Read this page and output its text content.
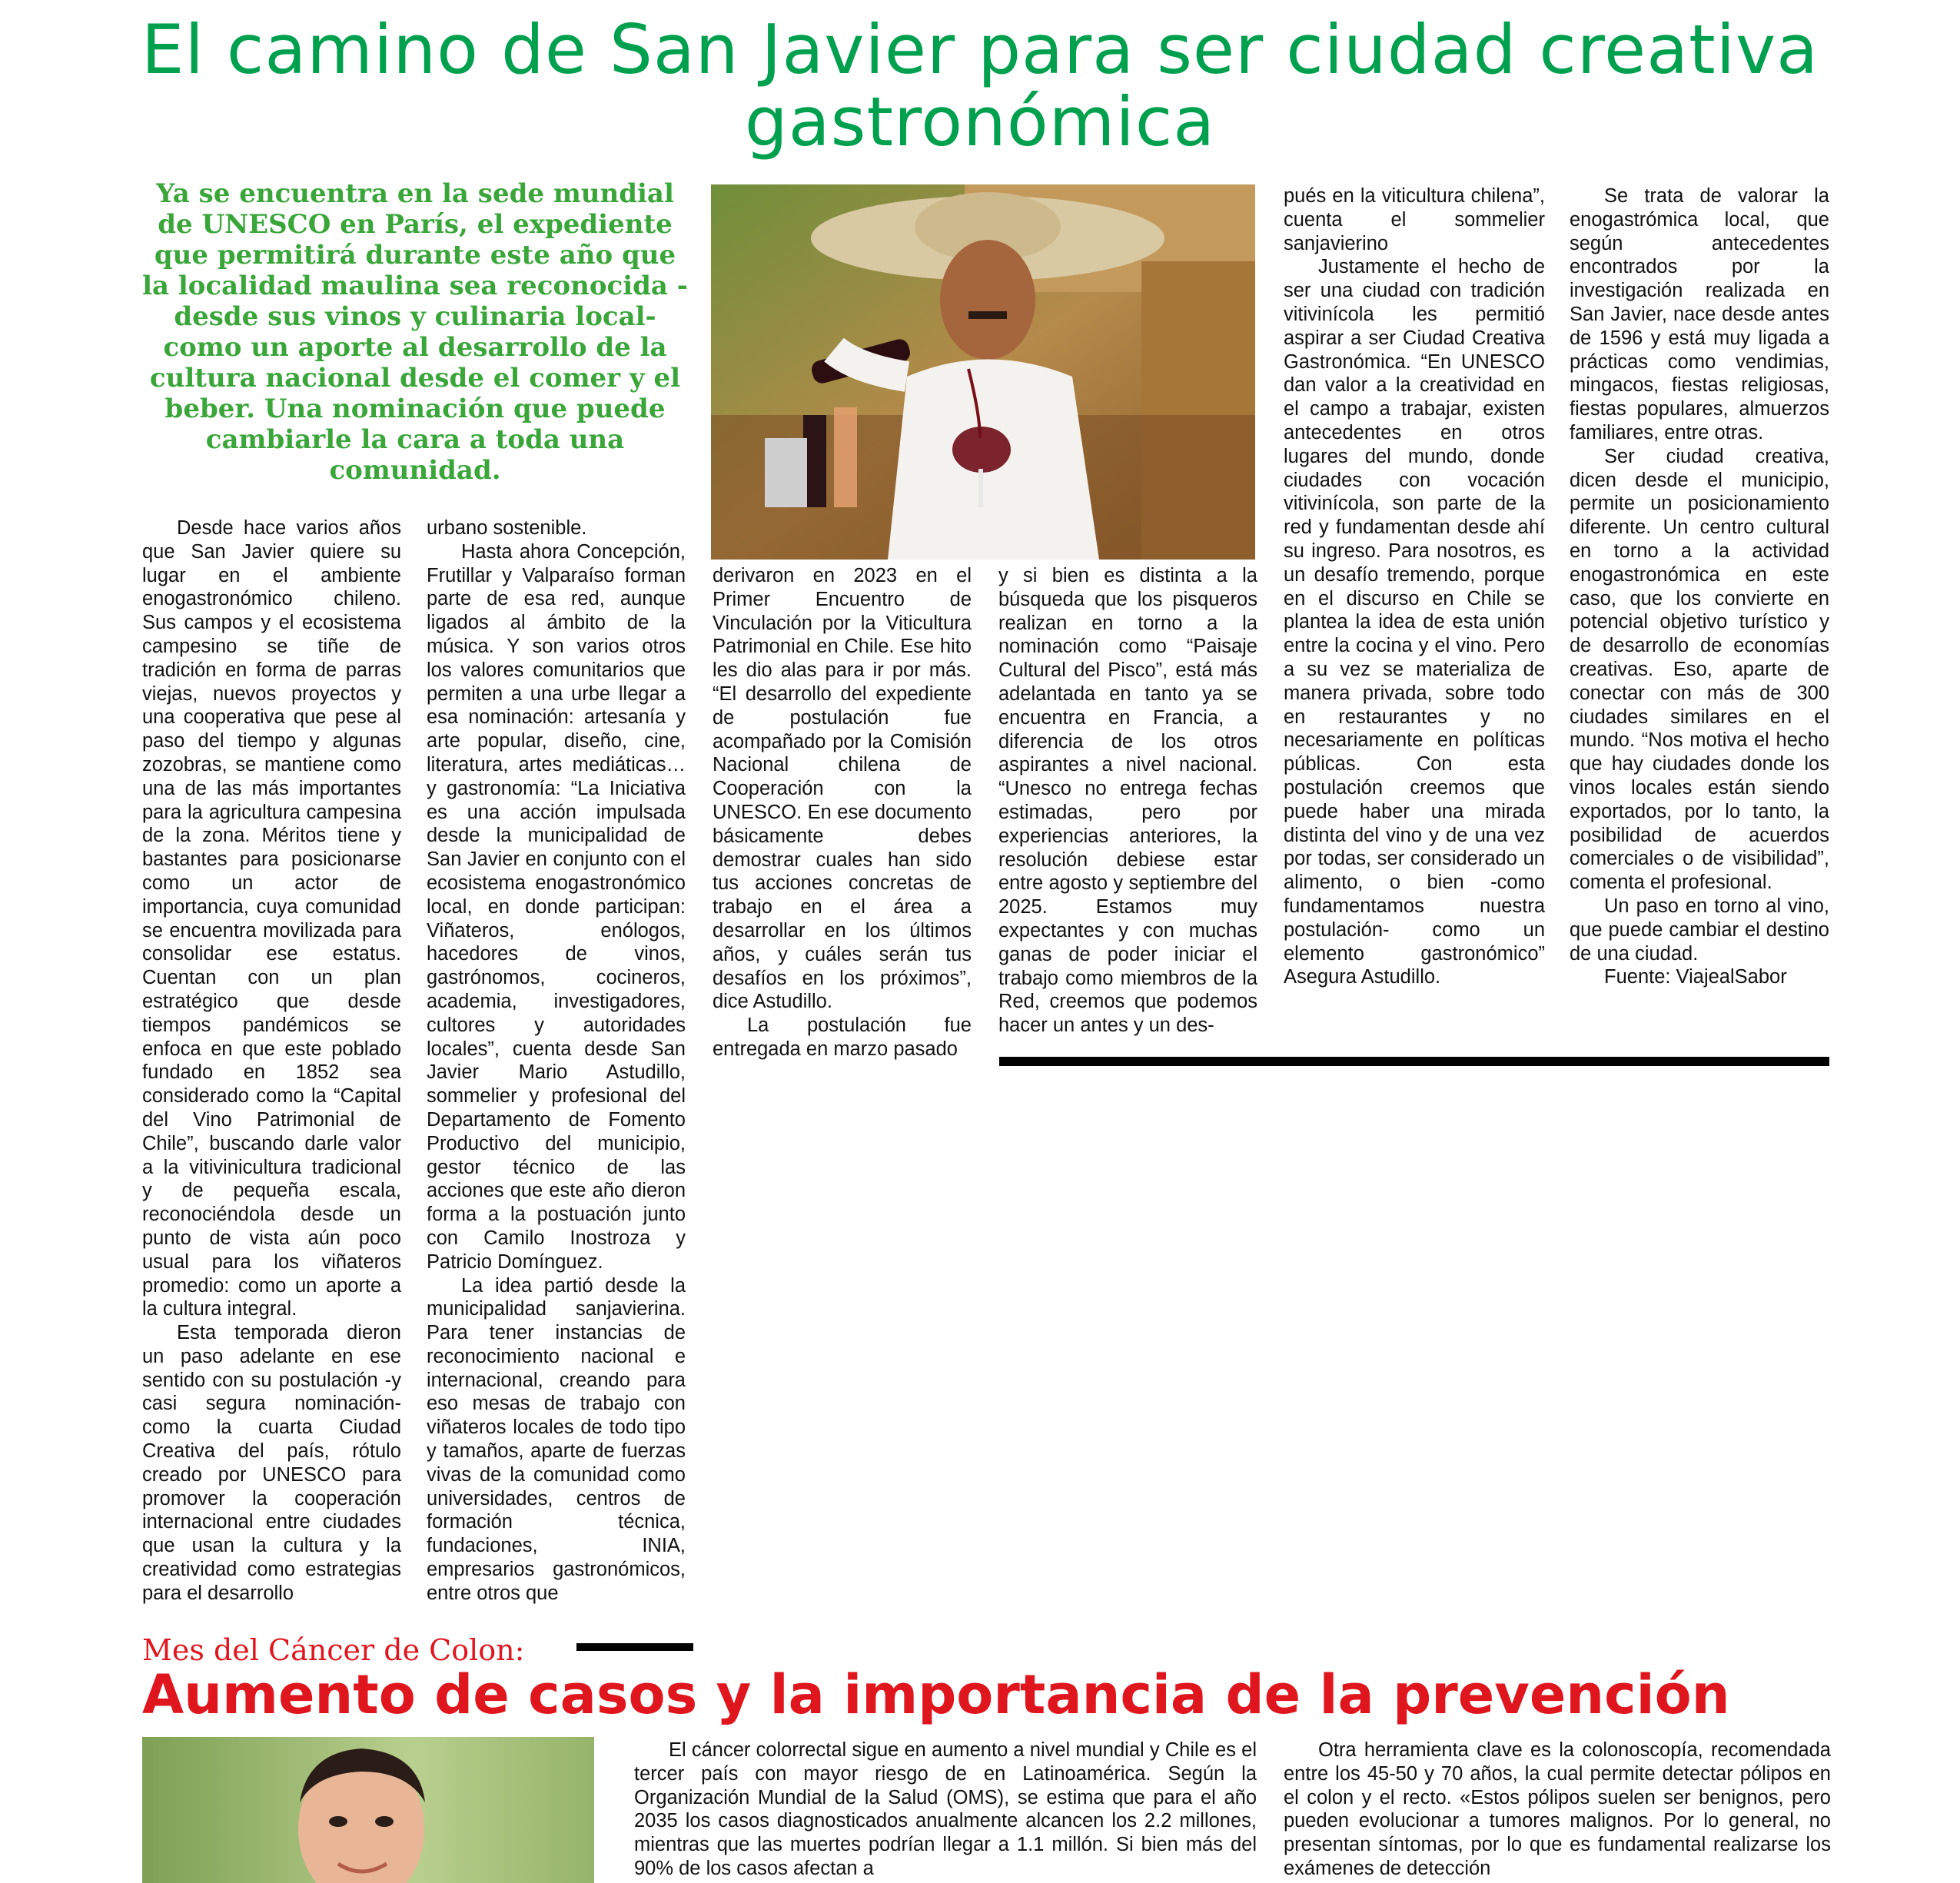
El camino de San Javier para ser ciudad creativa gastronómica

Ya se encuentra en la sede mundial de UNESCO en París, el expediente que permitirá durante este año que la localidad maulina sea reconocida -desde sus vinos y culinaria local- como un aporte al desarrollo de la cultura nacional desde el comer y el beber. Una nominación que puede cambiarle la cara a toda una comunidad.

Desde hace varios años que San Javier quiere su lugar en el ambiente enogastronómico chileno. Sus campos y el ecosistema campesino se tiñe de tradición en forma de parras viejas, nuevos proyectos y una cooperativa que pese al paso del tiempo y algunas zozobras, se mantiene como una de las más importantes para la agricultura campesina de la zona. Méritos tiene y bastantes para posicionarse como un actor de importancia, cuya comunidad se encuentra movilizada para consolidar ese estatus. Cuentan con un plan estratégico que desde tiempos pandémicos se enfoca en que este poblado fundado en 1852 sea considerado como la “Capital del Vino Patrimonial de Chile”, buscando darle valor a la vitivinicultura tradicional y de pequeña escala, reconociéndola desde un punto de vista aún poco usual para los viñateros promedio: como un aporte a la cultura integral.

Esta temporada dieron un paso adelante en ese sentido con su postulación -y casi segura nominación- como la cuarta Ciudad Creativa del país, rótulo creado por UNESCO para promover la cooperación internacional entre ciudades que usan la cultura y la creatividad como estrategias para el desarrollo

urbano sostenible.

Hasta ahora Concepción, Frutillar y Valparaíso forman parte de esa red, aunque ligados al ámbito de la música. Y son varios otros los valores comunitarios que permiten a una urbe llegar a esa nominación: artesanía y arte popular, diseño, cine, literatura, artes mediáticas… y gastronomía: “La Iniciativa es una acción impulsada desde la municipalidad de San Javier en conjunto con el ecosistema enogastronómico local, en donde participan: Viñateros, enólogos, hacedores de vinos, gastrónomos, cocineros, academia, investigadores, cultores y autoridades locales”, cuenta desde San Javier Mario Astudillo, sommelier y profesional del Departamento de Fomento Productivo del municipio, gestor técnico de las acciones que este año dieron forma a la postuación junto con Camilo Inostroza y Patricio Domínguez.

La idea partió desde la municipalidad sanjavierina. Para tener instancias de reconocimiento nacional e internacional, creando para eso mesas de trabajo con viñateros locales de todo tipo y tamaños, aparte de fuerzas vivas de la comunidad como universidades, centros de formación técnica, fundaciones, INIA, empresarios gastronómicos, entre otros que

derivaron en 2023 en el Primer Encuentro de Vinculación por la Viticultura Patrimonial en Chile. Ese hito les dio alas para ir por más. “El desarrollo del expediente de postulación fue acompañado por la Comisión Nacional chilena de Cooperación con la UNESCO. En ese documento básicamente debes demostrar cuales han sido tus acciones concretas de trabajo en el área a desarrollar en los últimos años, y cuáles serán tus desafíos en los próximos”, dice Astudillo.

La postulación fue entregada en marzo pasado

y si bien es distinta a la búsqueda que los pisqueros realizan en torno a la nominación como “Paisaje Cultural del Pisco”, está más adelantada en tanto ya se encuentra en Francia, a diferencia de los otros aspirantes a nivel nacional. “Unesco no entrega fechas estimadas, pero por experiencias anteriores, la resolución debiese estar entre agosto y septiembre del 2025. Estamos muy expectantes y con muchas ganas de poder iniciar el trabajo como miembros de la Red, creemos que podemos hacer un antes y un des-

pués en la viticultura chilena”, cuenta el sommelier sanjavierino

Justamente el hecho de ser una ciudad con tradición vitivinícola les permitió aspirar a ser Ciudad Creativa Gastronómica. “En UNESCO dan valor a la creatividad en el campo a trabajar, existen antecedentes en otros lugares del mundo, donde ciudades con vocación vitivinícola, son parte de la red y fundamentan desde ahí su ingreso. Para nosotros, es un desafío tremendo, porque en el discurso en Chile se plantea la idea de esta unión entre la cocina y el vino. Pero a su vez se materializa de manera privada, sobre todo en restaurantes y no necesariamente en políticas públicas. Con esta postulación creemos que puede haber una mirada distinta del vino y de una vez por todas, ser considerado un alimento, o bien -como fundamentamos nuestra postulación- como un elemento gastronómico” Asegura Astudillo.

Se trata de valorar la enogastrómica local, que según antecedentes encontrados por la investigación realizada en San Javier, nace desde antes de 1596 y está muy ligada a prácticas como vendimias, mingacos, fiestas religiosas, fiestas populares, almuerzos familiares, entre otras.

Ser ciudad creativa, dicen desde el municipio, permite un posicionamiento diferente. Un centro cultural en torno a la actividad enogastronómica en este caso, que los convierte en potencial objetivo turístico y de desarrollo de economías creativas. Eso, aparte de conectar con más de 300 ciudades similares en el mundo. “Nos motiva el hecho que hay ciudades donde los vinos locales están siendo exportados, por lo tanto, la posibilidad de acuerdos comerciales o de visibilidad”, comenta el profesional.

Un paso en torno al vino, que puede cambiar el destino de una ciudad.

Fuente: ViajealSabor

Mes del Cáncer de Colon:
Aumento de casos y la importancia de la prevención

El cáncer colorrectal sigue en aumento a nivel mundial y Chile es el tercer país con mayor riesgo de en Latinoamérica. Según la Organización Mundial de la Salud (OMS), se estima que para el año 2035 los casos diagnosticados anualmente alcancen los 2.2 millones, mientras que las muertes podrían llegar a 1.1 millón. Si bien más del 90% de los casos afectan a

Otra herramienta clave es la colonoscopía, recomendada entre los 45-50 y 70 años, la cual permite detectar pólipos en el colon y el recto. «Estos pólipos suelen ser benignos, pero pueden evolucionar a tumores malignos. Por lo general, no presentan síntomas, por lo que es fundamental realizarse los exámenes de detección
